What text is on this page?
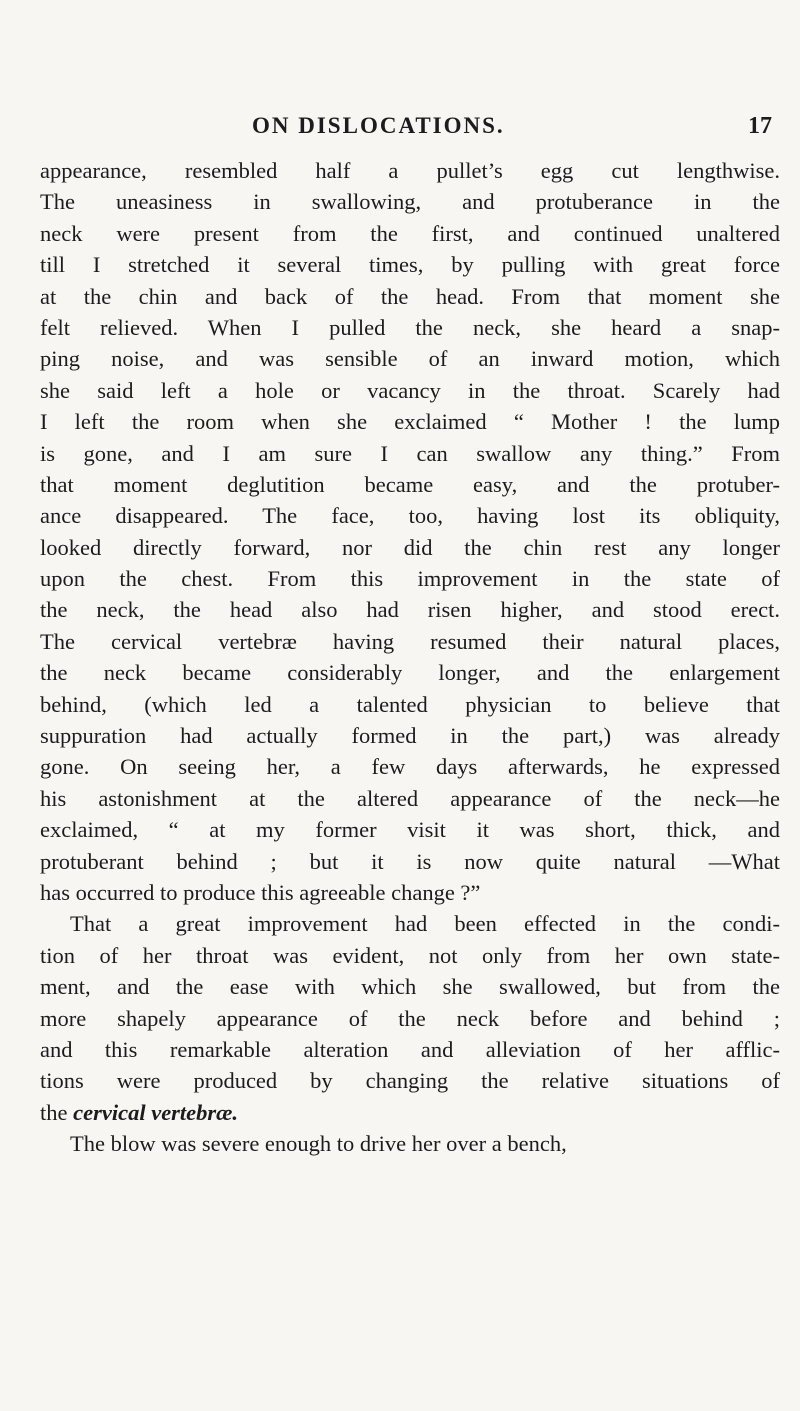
ON DISLOCATIONS.	17
appearance, resembled half a pullet’s egg cut lengthwise.
The uneasiness in swallowing, and protuberance in the
neck were present from the first, and continued unaltered
till I stretched it several times, by pulling with great force
at the chin and back of the head. From that moment she
felt relieved. When I pulled the neck, she heard a snap-
ping noise, and was sensible of an inward motion, which
she said left a hole or vacancy in the throat. Scarely had
I left the room when she exclaimed “ Mother ! the lump
is gone, and I am sure I can swallow any thing.” From
that moment deglutition became easy, and the protuber-
ance disappeared. The face, too, having lost its obliquity,
looked directly forward, nor did the chin rest any longer
upon the chest. From this improvement in the state of
the neck, the head also had risen higher, and stood erect.
The cervical vertebræ having resumed their natural places,
the neck became considerably longer, and the enlargement
behind, (which led a talented physician to believe that
suppuration had actually formed in the part,) was already
gone. On seeing her, a few days afterwards, he expressed
his astonishment at the altered appearance of the neck—he
exclaimed, “ at my former visit it was short, thick, and
protuberant behind ; but it is now quite natural —What
has occurred to produce this agreeable change ?”
That a great improvement had been effected in the condi-
tion of her throat was evident, not only from her own state-
ment, and the ease with which she swallowed, but from the
more shapely appearance of the neck before and behind ;
and this remarkable alteration and alleviation of her afflic-
tions were produced by changing the relative situations of
the cervical vertebræ.
The blow was severe enough to drive her over a bench,
